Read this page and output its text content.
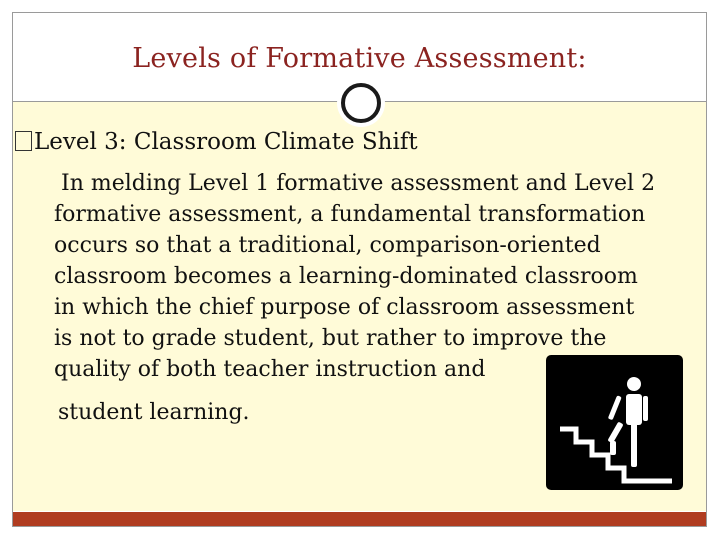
Levels of Formative Assessment:
Level 3: Classroom Climate Shift
In melding Level 1 formative assessment and Level 2
formative assessment, a fundamental transformation
occurs so that a traditional, comparison-oriented
classroom becomes a learning-dominated classroom
in which the chief purpose of classroom assessment
is not to grade student, but rather to improve the
quality of both teacher instruction and
student learning.
